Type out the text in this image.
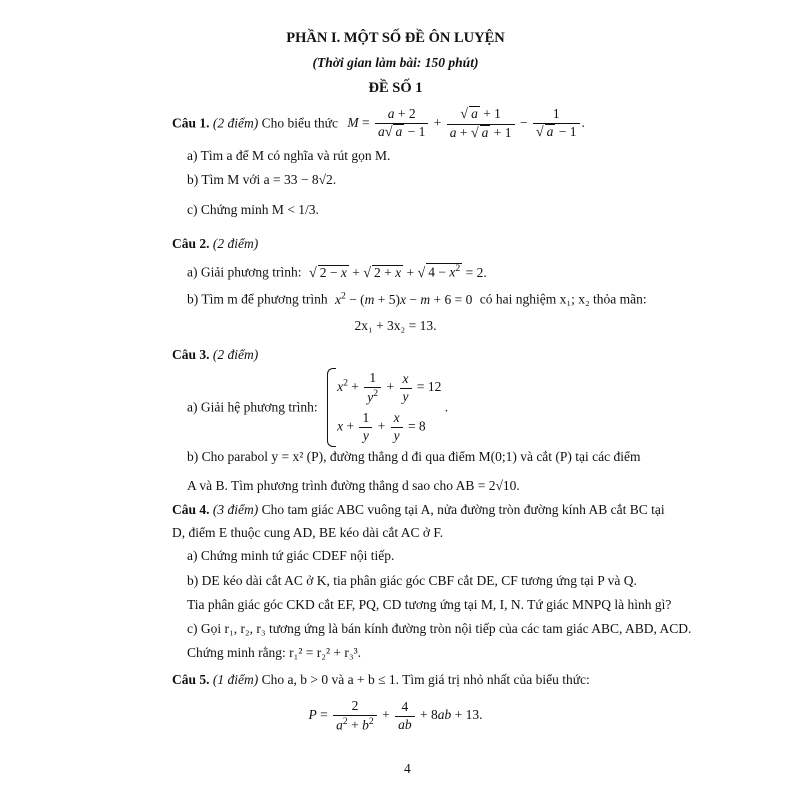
PHẦN I. MỘT SỐ ĐỀ ÔN LUYỆN
(Thời gian làm bài: 150 phút)
ĐỀ SỐ 1
Câu 1. (2 điểm) Cho biểu thức $M = \frac{a + 2}{a√ a - 1} + \frac{√ a + 1}{a + √ a + 1} - \frac{1}{√ a - 1}$ .
a) Tìm a để M có nghĩa và rút gọn M.
b) Tìm M với a = 33 − 8√2.
c) Chứng minh M < 1/3.
Câu 2. (2 điểm)
a) Giải phương trình: √ 2 − x + √ 2 + x + √ $4 - x^2 = 2$.
b) Tìm m để phương trình $x^2 - (m + 5)x - m + 6 = 0$ có hai nghiệm x₁; x₂ thỏa mãn:
2x₁ + 3x₂ = 13.
Câu 3. (2 điểm)
a) Giải hệ phương trình:
$x^2 + \frac{1}{y^2} + \frac{x}{y} = 12$
$x + \frac{1}{y} + \frac{x}{y} = 8$
.
b) Cho parabol y = x² (P), đường thẳng d đi qua điểm M(0;1) và cắt (P) tại các điểm
A và B. Tìm phương trình đường thẳng d sao cho AB = 2√10.
Câu 4. (3 điểm) Cho tam giác ABC vuông tại A, nửa đường tròn đường kính AB cắt BC tại
D, điểm E thuộc cung AD, BE kéo dài cắt AC ở F.
a) Chứng minh tứ giác CDEF nội tiếp.
b) DE kéo dài cắt AC ở K, tia phân giác góc CBF cắt DE, CF tương ứng tại P và Q.
Tia phân giác góc CKD cắt EF, PQ, CD tương ứng tại M, I, N. Tứ giác MNPQ là hình gì?
c) Gọi r₁, r₂, r₃ tương ứng là bán kính đường tròn nội tiếp của các tam giác ABC, ABD, ACD.
Chứng minh rằng: r₁² = r₂² + r₃³.
Câu 5. (1 điểm) Cho a, b > 0 và a + b ≤ 1. Tìm giá trị nhỏ nhất của biểu thức:
$P = \frac{2}{a^2 + b^2} + \frac{4}{ab} + 8ab + 13$.
4
